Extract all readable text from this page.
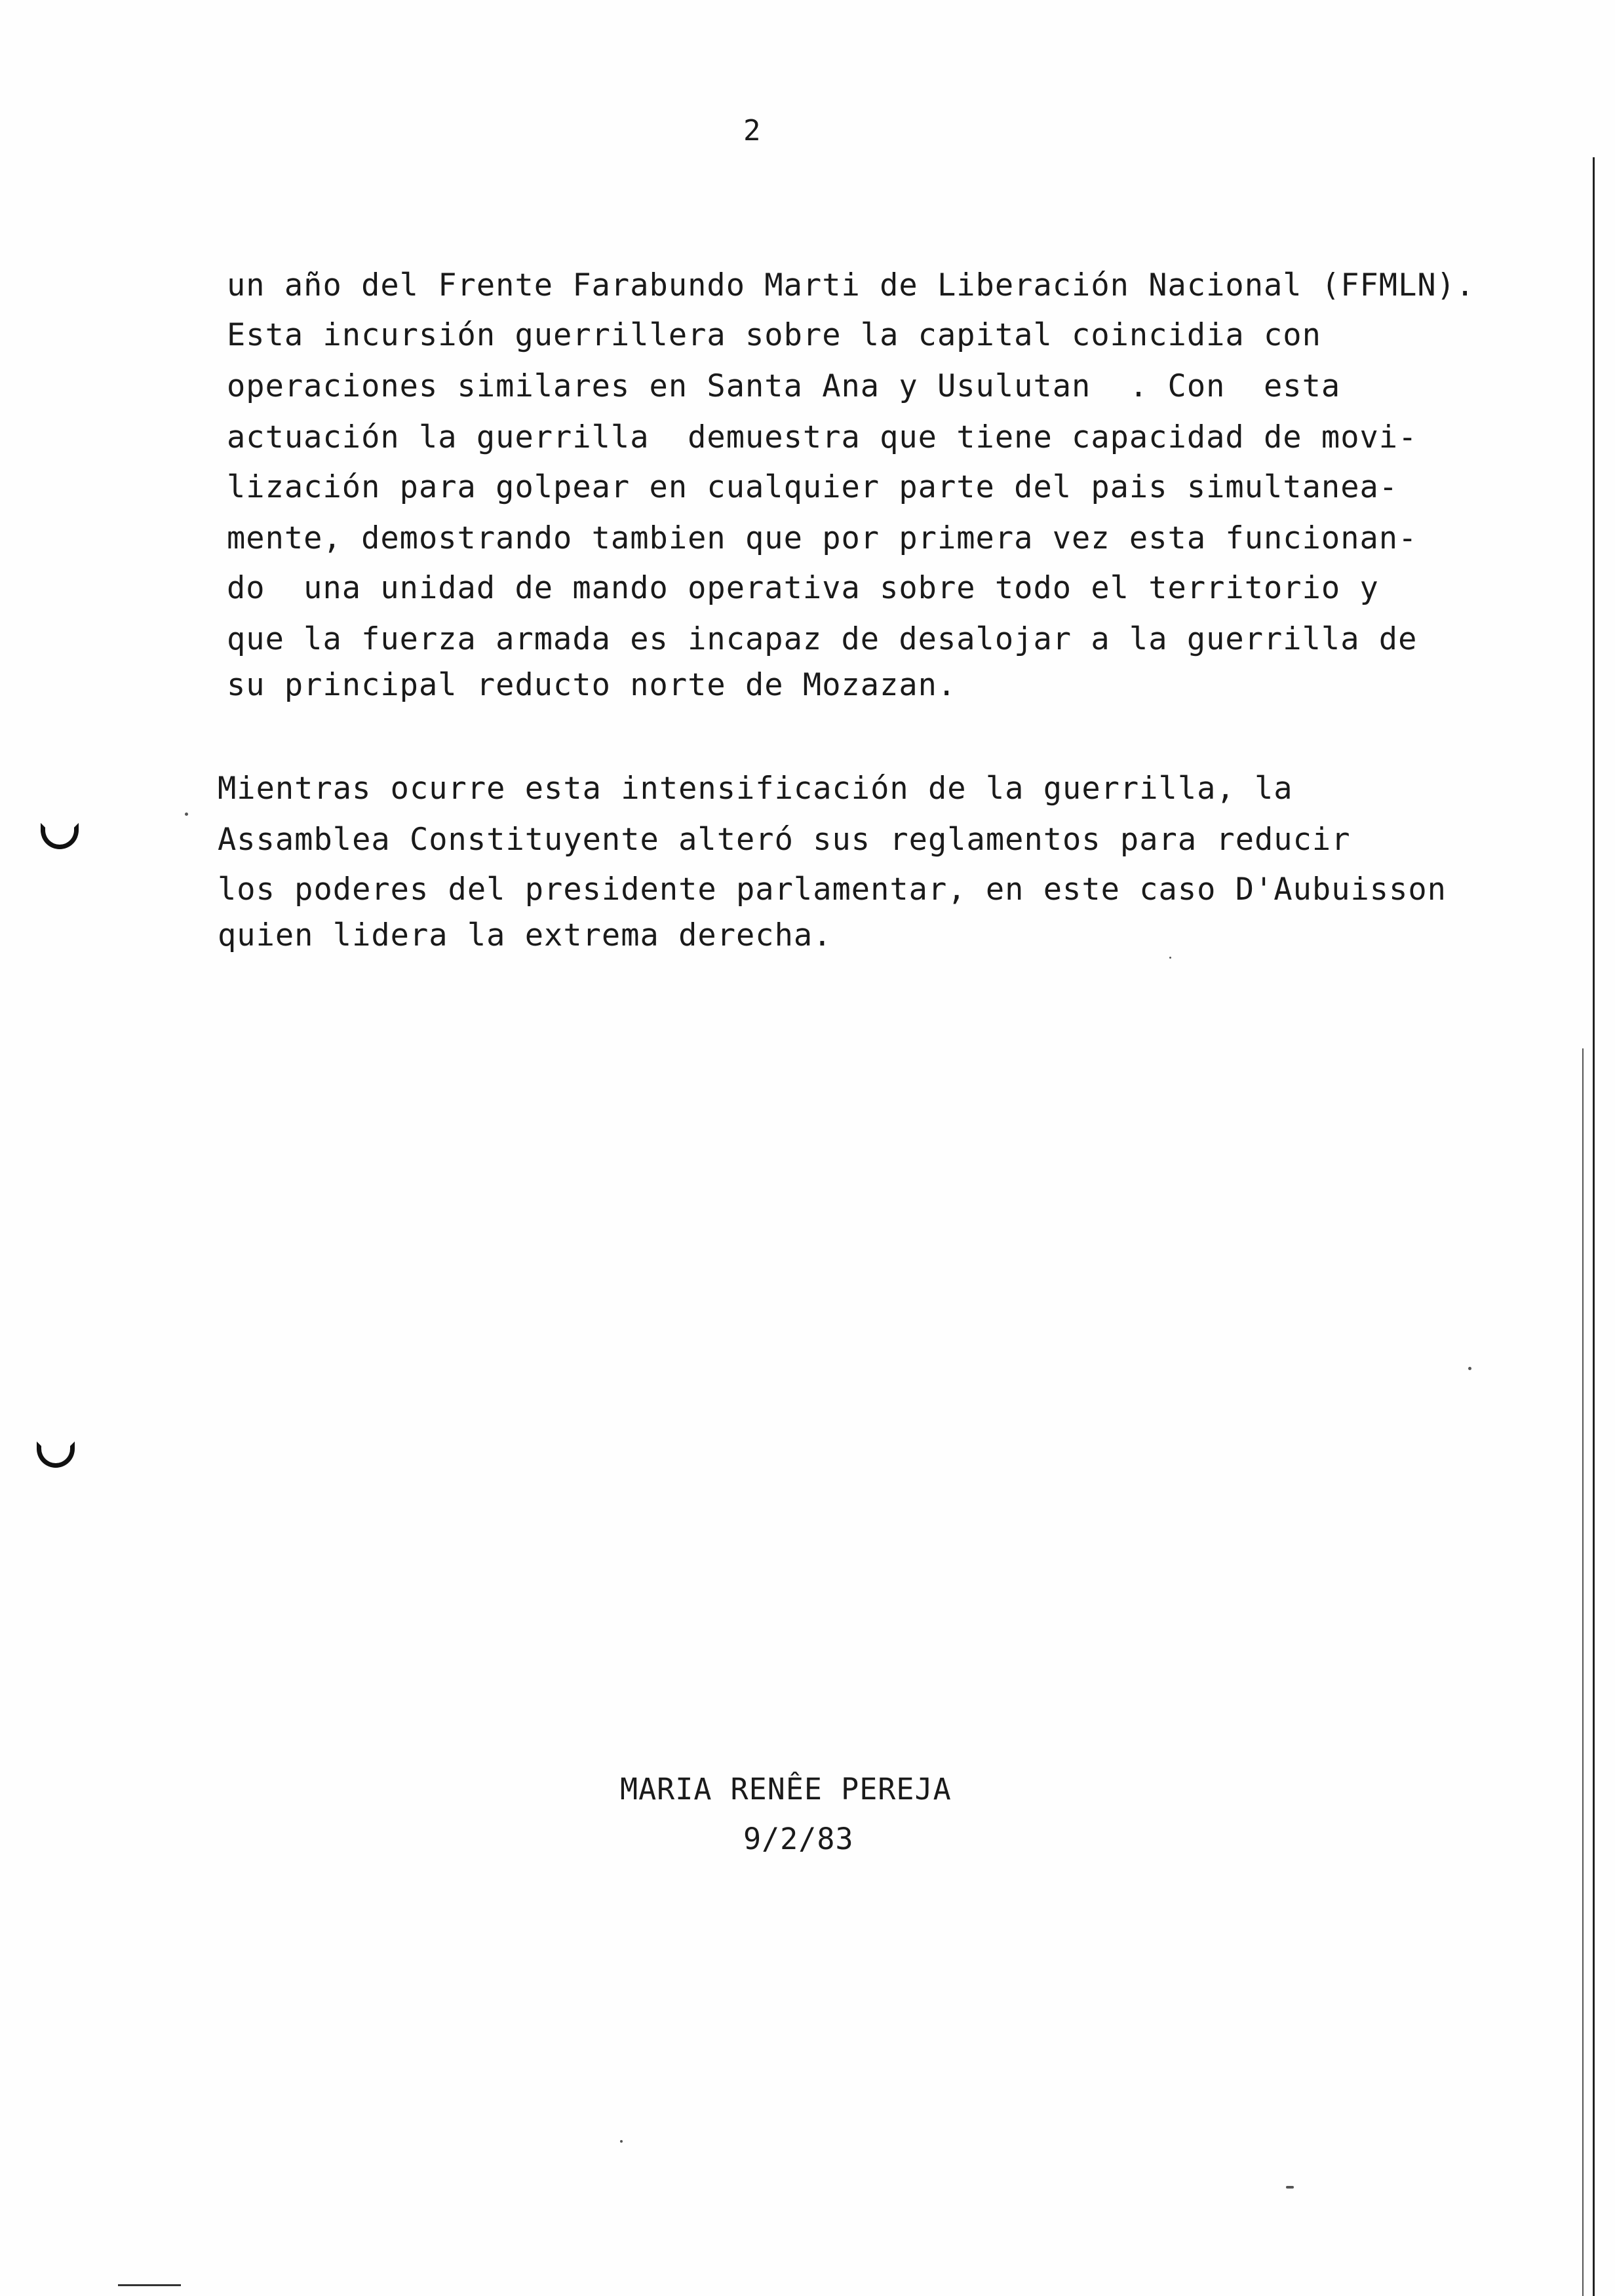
2
un año del Frente Farabundo Marti de Liberación Nacional (FFMLN).
Esta incursión guerrillera sobre la capital coincidia con
operaciones similares en Santa Ana y Usulutan  . Con  esta
actuación la guerrilla  demuestra que tiene capacidad de movi-
lización para golpear en cualquier parte del pais simultanea-
mente, demostrando tambien que por primera vez esta funcionan-
do  una unidad de mando operativa sobre todo el territorio y
que la fuerza armada es incapaz de desalojar a la guerrilla de
su principal reducto norte de Mozazan.
Mientras ocurre esta intensificación de la guerrilla, la
Assamblea Constituyente alteró sus reglamentos para reducir
los poderes del presidente parlamentar, en este caso D'Aubuisson
quien lidera la extrema derecha.
MARIA RENÊE PEREJA
9/2/83
